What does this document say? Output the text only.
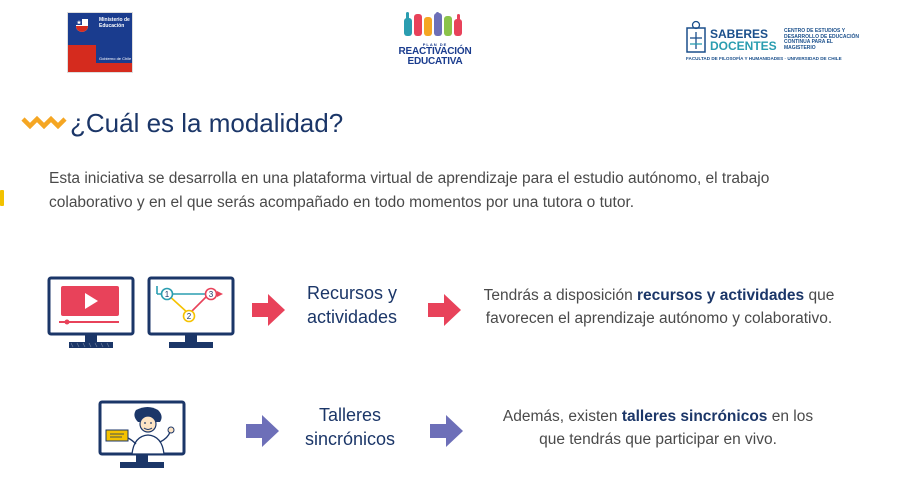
Ministerio de
Educación
Gobierno de Chile
PLAN DE
REACTIVACIÓN
EDUCATIVA
SABERES
DOCENTES
CENTRO DE ESTUDIOS Y DESARROLLO DE EDUCACIÓN CONTINUA PARA EL MAGISTERIO
FACULTAD DE FILOSOFÍA Y HUMANIDADES · UNIVERSIDAD DE CHILE
¿Cuál es la modalidad?
Esta iniciativa se desarrolla en una plataforma virtual de aprendizaje para el estudio autónomo, el trabajo colaborativo y en el que serás acompañado en todo momentos por una tutora o tutor.
1
2
3	Recursos y
actividades
Tendrás a disposición recursos y actividades que favorecen el aprendizaje autónomo y colaborativo.
Talleres
sincrónicos
Además, existen talleres sincrónicos en los que tendrás que participar en vivo.
